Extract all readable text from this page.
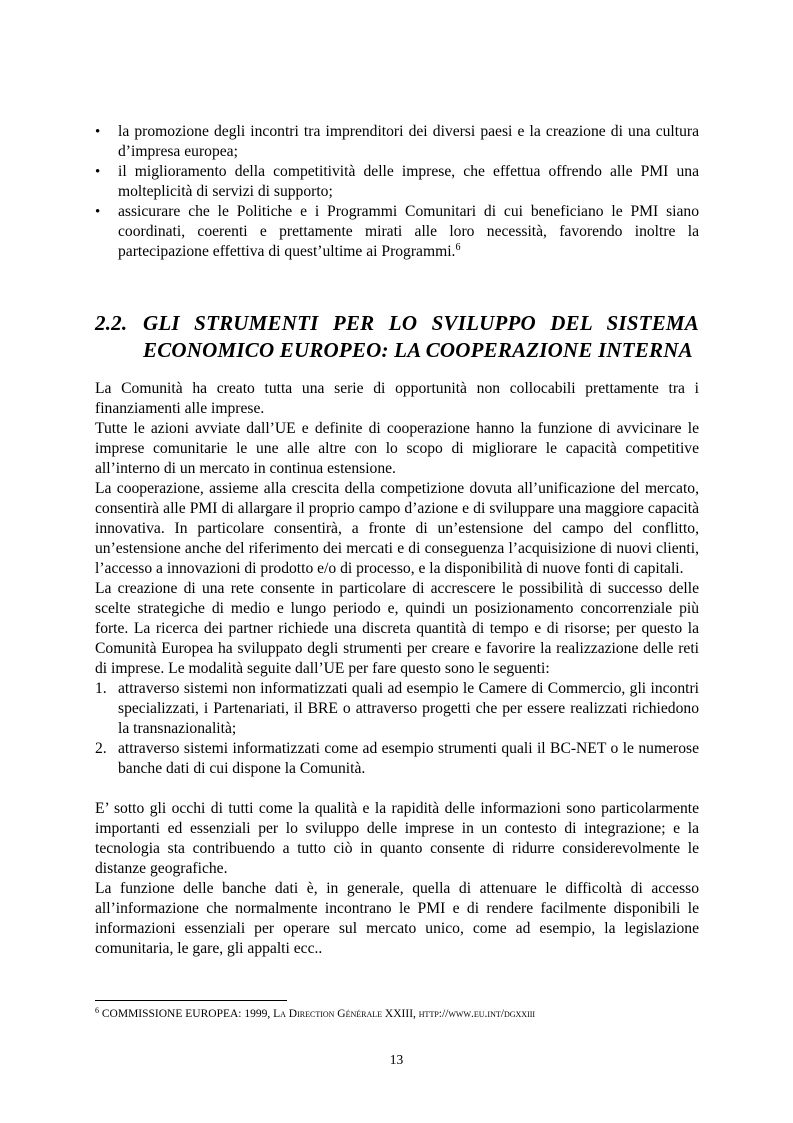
• la promozione degli incontri tra imprenditori dei diversi paesi e la creazione di una cultura d’impresa europea;
• il miglioramento della competitività delle imprese, che effettua offrendo alle PMI una molteplicità di servizi di supporto;
• assicurare che le Politiche e i Programmi Comunitari di cui beneficiano le PMI siano coordinati, coerenti e prettamente mirati alle loro necessità, favorendo inoltre la partecipazione effettiva di quest’ultime ai Programmi.$^6$
2.2. GLI STRUMENTI PER LO SVILUPPO DEL SISTEMA
ECONOMICO EUROPEO: LA COOPERAZIONE INTERNA

La Comunità ha creato tutta una serie di opportunità non collocabili prettamente tra i finanziamenti alle imprese.

Tutte le azioni avviate dall’UE e definite di cooperazione hanno la funzione di avvicinare le imprese comunitarie le une alle altre con lo scopo di migliorare le capacità competitive all’interno di un mercato in continua estensione.

La cooperazione, assieme alla crescita della competizione dovuta all’unificazione del mercato, consentirà alle PMI di allargare il proprio campo d’azione e di sviluppare una maggiore capacità innovativa. In particolare consentirà, a fronte di un’estensione del campo del conflitto, un’estensione anche del riferimento dei mercati e di conseguenza l’acquisizione di nuovi clienti, l’accesso a innovazioni di prodotto e/o di processo, e la disponibilità di nuove fonti di capitali.

La creazione di una rete consente in particolare di accrescere le possibilità di successo delle scelte strategiche di medio e lungo periodo e, quindi un posizionamento concorrenziale più forte. La ricerca dei partner richiede una discreta quantità di tempo e di risorse; per questo la Comunità Europea ha sviluppato degli strumenti per creare e favorire la realizzazione delle reti di imprese. Le modalità seguite dall’UE per fare questo sono le seguenti:

1. attraverso sistemi non informatizzati quali ad esempio le Camere di Commercio, gli incontri specializzati, i Partenariati, il BRE o attraverso progetti che per essere realizzati richiedono la transnazionalità;
2. attraverso sistemi informatizzati come ad esempio strumenti quali il BC-NET o le numerose banche dati di cui dispone la Comunità.

E’ sotto gli occhi di tutti come la qualità e la rapidità delle informazioni sono particolarmente importanti ed essenziali per lo sviluppo delle imprese in un contesto di integrazione; e la tecnologia sta contribuendo a tutto ciò in quanto consente di ridurre considerevolmente le distanze geografiche.

La funzione delle banche dati è, in generale, quella di attenuare le difficoltà di accesso all’informazione che normalmente incontrano le PMI e di rendere facilmente disponibili le informazioni essenziali per operare sul mercato unico, come ad esempio, la legislazione comunitaria, le gare, gli appalti ecc..

$^6$ COMMISSIONE EUROPEA: 1999, La Direction Générale XXIII, http://www.eu.int/dgxxiii
13
